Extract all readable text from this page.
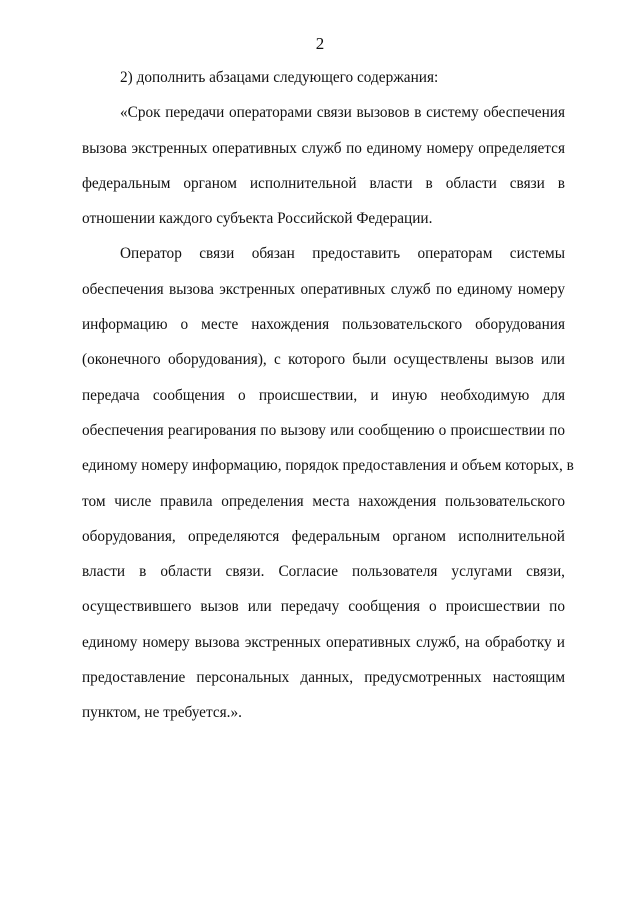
2
2) дополнить абзацами следующего содержания:
«Срок передачи операторами связи вызовов в систему обеспечения
вызова экстренных оперативных служб по единому номеру определяется
федеральным органом исполнительной власти в области связи в
отношении каждого субъекта Российской Федерации.
Оператор связи обязан предоставить операторам системы
обеспечения вызова экстренных оперативных служб по единому номеру
информацию о месте нахождения пользовательского оборудования
(оконечного оборудования), с которого были осуществлены вызов или
передача сообщения о происшествии, и иную необходимую для
обеспечения реагирования по вызову или сообщению о происшествии по
единому номеру информацию, порядок предоставления и объем которых, в
том числе правила определения места нахождения пользовательского
оборудования, определяются федеральным органом исполнительной
власти в области связи. Согласие пользователя услугами связи,
осуществившего вызов или передачу сообщения о происшествии по
единому номеру вызова экстренных оперативных служб, на обработку и
предоставление персональных данных, предусмотренных настоящим
пунктом, не требуется.».
